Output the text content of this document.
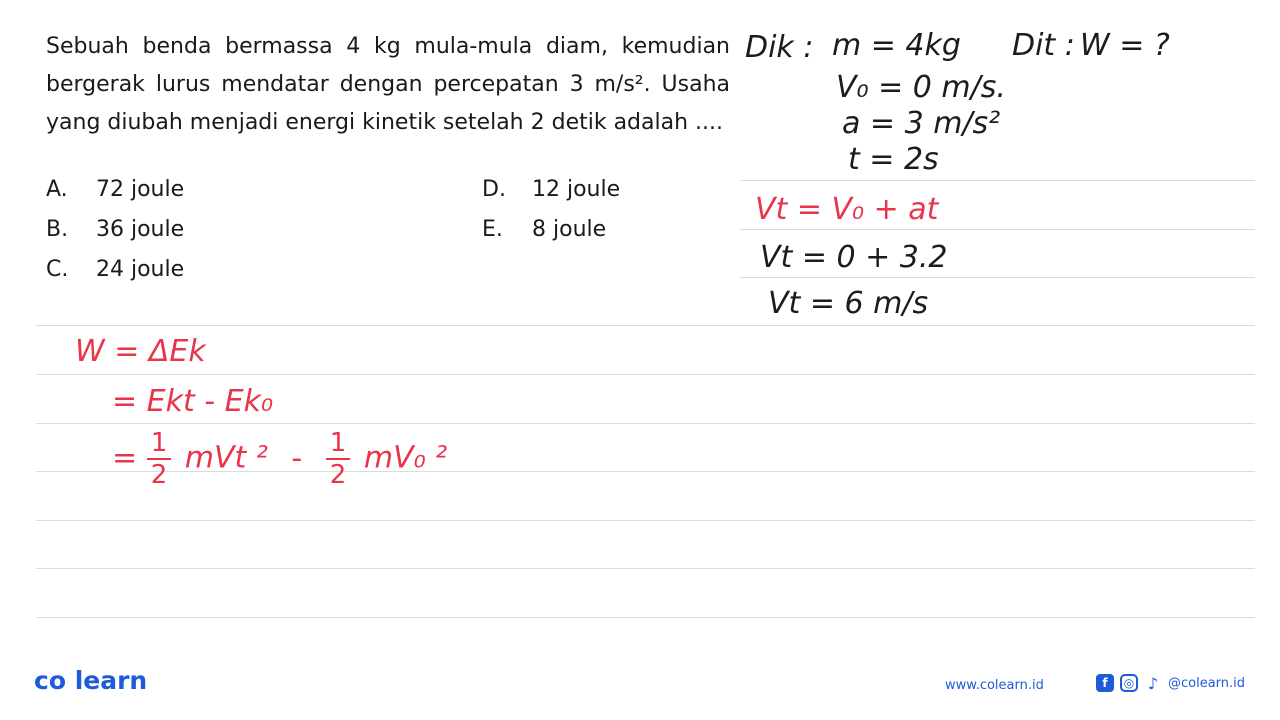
Sebuah benda bermassa 4 kg mula-mula diam, kemudian bergerak lurus mendatar dengan percepatan 3 m/s². Usaha yang diubah menjadi energi kinetik setelah 2 detik adalah ....
A. 72 joule
B. 36 joule
C. 24 joule
D. 12 joule
E. 8 joule
Dik : m = 4kg Dit : W = ?
V₀ = 0 m/s.
a = 3 m/s²
t = 2s
Vt = V₀ + at
Vt = 0 + 3.2
Vt = 6 m/s
W = ΔEk
= Ekt - Ek₀
= $\frac{1}{2}$ mVt $^2 - \frac{1}{2} mV_0$ ²
co learn	www.colearn.id	f	◎ ♪ @colearn.id
